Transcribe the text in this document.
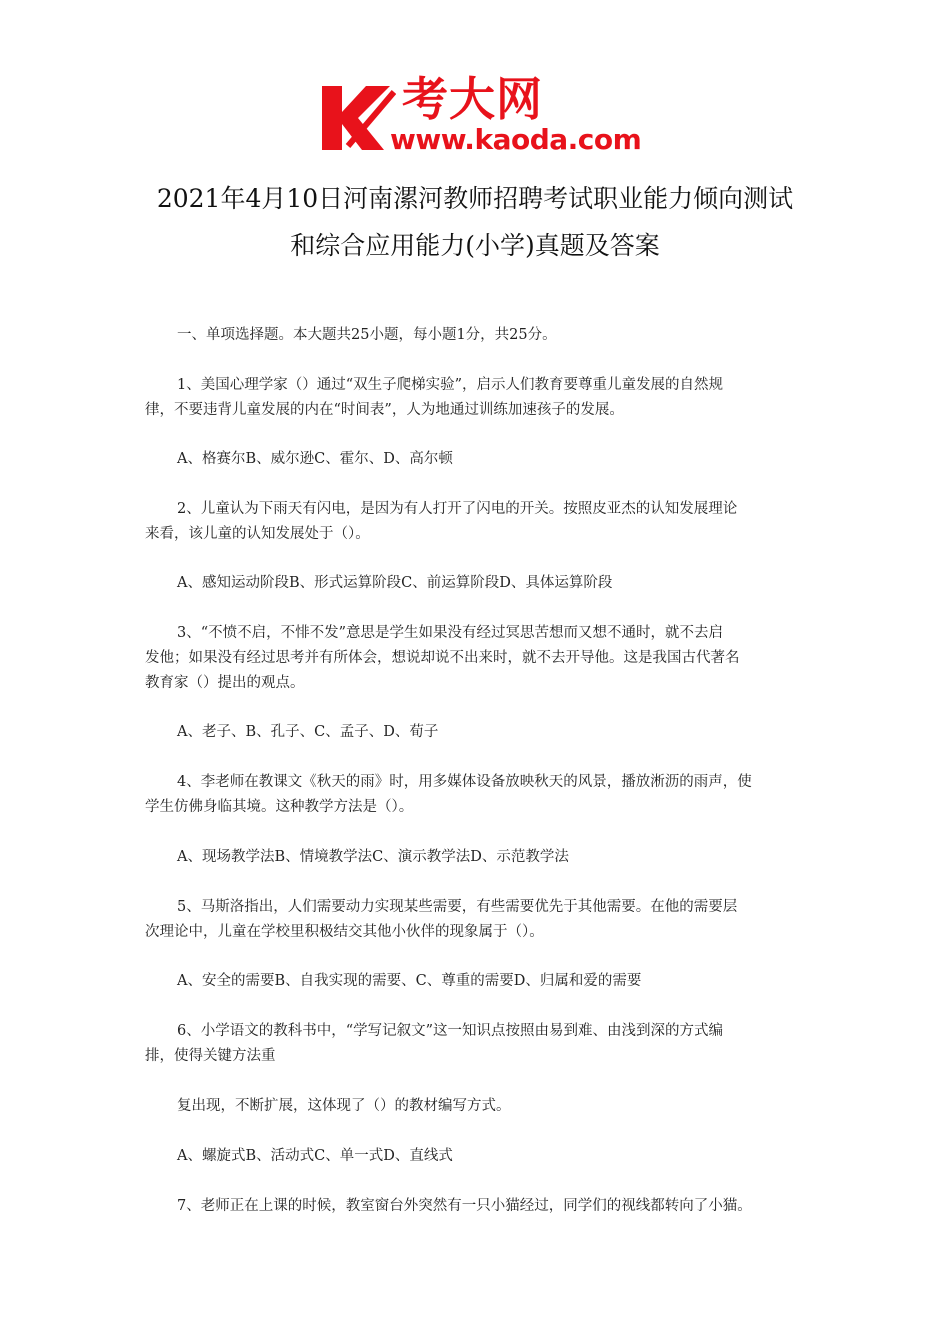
考大网
www.kaoda.com
2021年4月10日河南漯河教师招聘考试职业能力倾向测试
和综合应用能力(小学)真题及答案
一、单项选择题。本大题共25小题，每小题1分，共25分。
1、美国心理学家（）通过“双生子爬梯实验”，启示人们教育要尊重儿童发展的自然规
律，不要违背儿童发展的内在“时间表”，人为地通过训练加速孩子的发展。
A、格赛尔B、威尔逊C、霍尔、D、高尔顿
2、儿童认为下雨天有闪电，是因为有人打开了闪电的开关。按照皮亚杰的认知发展理论
来看，该儿童的认知发展处于（）。
A、感知运动阶段B、形式运算阶段C、前运算阶段D、具体运算阶段
3、“不愤不启，不悱不发”意思是学生如果没有经过冥思苦想而又想不通时，就不去启
发他；如果没有经过思考并有所体会，想说却说不出来时，就不去开导他。这是我国古代著名
教育家（）提出的观点。
A、老子、B、孔子、C、孟子、D、荀子
4、李老师在教课文《秋天的雨》时，用多媒体设备放映秋天的风景，播放淅沥的雨声，使
学生仿佛身临其境。这种教学方法是（）。
A、现场教学法B、情境教学法C、演示教学法D、示范教学法
5、马斯洛指出，人们需要动力实现某些需要，有些需要优先于其他需要。在他的需要层
次理论中，儿童在学校里积极结交其他小伙伴的现象属于（）。
A、安全的需要B、自我实现的需要、C、尊重的需要D、归属和爱的需要
6、小学语文的教科书中，“学写记叙文”这一知识点按照由易到难、由浅到深的方式编
排，使得关键方法重
复出现，不断扩展，这体现了（）的教材编写方式。
A、螺旋式B、活动式C、单一式D、直线式
7、老师正在上课的时候，教室窗台外突然有一只小猫经过，同学们的视线都转向了小猫。
